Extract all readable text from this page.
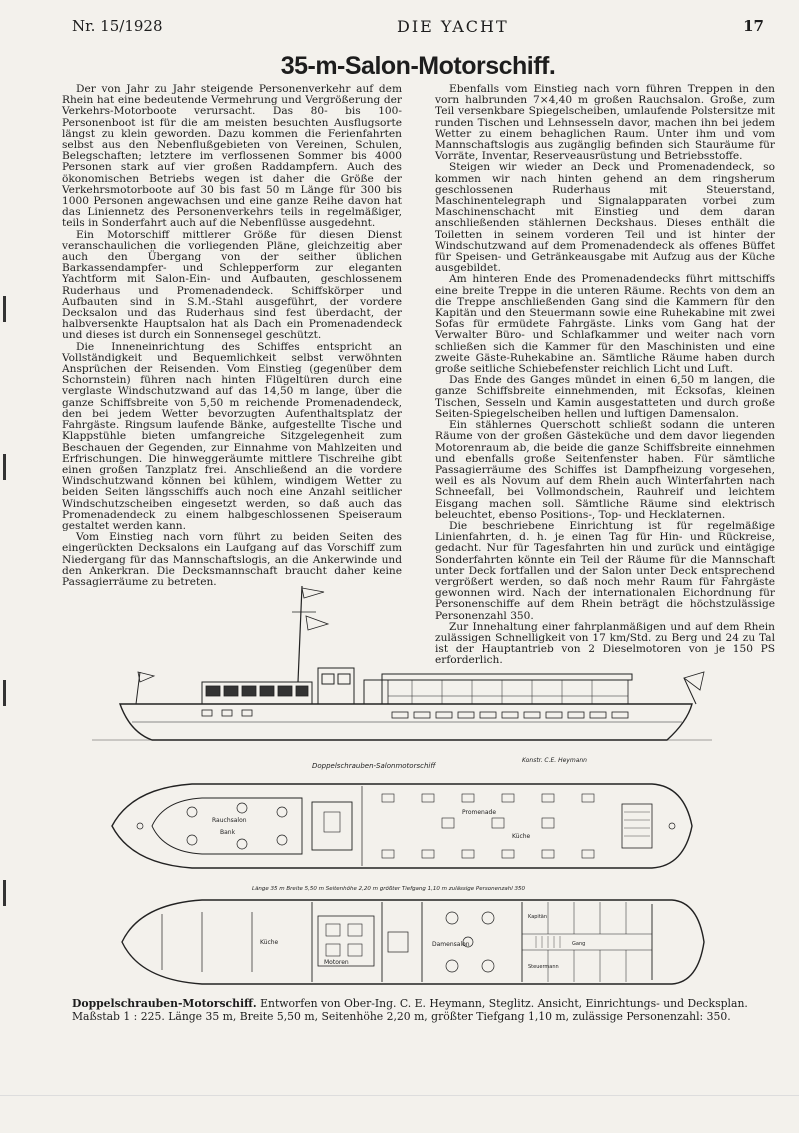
Nr. 15/1928	DIE YACHT	17
35-m-Salon-Motorschiff.

Der von Jahr zu Jahr steigende Personenverkehr auf dem Rhein hat eine bedeutende Vermehrung und Vergrößerung der Verkehrs-Motorboote verursacht. Das 80- bis 100-Personenboot ist für die am meisten besuchten Ausflugsorte längst zu klein geworden. Dazu kommen die Ferienfahrten selbst aus den Nebenflußgebieten von Vereinen, Schulen, Belegschaften; letztere im verflossenen Sommer bis 4000 Personen stark auf vier großen Raddampfern. Auch des ökonomischen Betriebs wegen ist daher die Größe der Verkehrsmotorboote auf 30 bis fast 50 m Länge für 300 bis 1000 Personen angewachsen und eine ganze Reihe davon hat das Liniennetz des Personenverkehrs teils in regelmäßiger, teils in Sonderfahrt auch auf die Nebenflüsse ausgedehnt.

Ein Motorschiff mittlerer Größe für diesen Dienst veranschaulichen die vorliegenden Pläne, gleichzeitig aber auch den Übergang von der seither üblichen Barkassendampfer- und Schlepperform zur eleganten Yachtform mit Salon-Ein- und Aufbauten, geschlossenem Ruderhaus und Promenadendeck. Schiffskörper und Aufbauten sind in S.M.-Stahl ausgeführt, der vordere Decksalon und das Ruderhaus sind fest überdacht, der halbversenkte Hauptsalon hat als Dach ein Promenadendeck und dieses ist durch ein Sonnensegel geschützt.

Die Inneneinrichtung des Schiffes entspricht an Vollständigkeit und Bequemlichkeit selbst verwöhnten Ansprüchen der Reisenden. Vom Einstieg (gegenüber dem Schornstein) führen nach hinten Flügeltüren durch eine verglaste Windschutzwand auf das 14,50 m lange, über die ganze Schiffsbreite von 5,50 m reichende Promenadendeck, den bei jedem Wetter bevorzugten Aufenthaltsplatz der Fahrgäste. Ringsum laufende Bänke, aufgestellte Tische und Klappstühle bieten umfangreiche Sitzgelegenheit zum Beschauen der Gegenden, zur Einnahme von Mahlzeiten und Erfrischungen. Die hinweggeräumte mittlere Tischreihe gibt einen großen Tanzplatz frei. Anschließend an die vordere Windschutzwand können bei kühlem, windigem Wetter zu beiden Seiten längsschiffs auch noch eine Anzahl seitlicher Windschutzscheiben eingesetzt werden, so daß auch das Promenadendeck zu einem halbgeschlossenen Speiseraum gestaltet werden kann.

Vom Einstieg nach vorn führt zu beiden Seiten des eingerückten Decksalons ein Laufgang auf das Vorschiff zum Niedergang für das Mannschaftslogis, an die Ankerwinde und den Ankerkran. Die Decksmannschaft braucht daher keine Passagierräume zu betreten.

Ebenfalls vom Einstieg nach vorn führen Treppen in den vorn halbrunden 7×4,40 m großen Rauchsalon. Große, zum Teil versenkbare Spiegelscheiben, umlaufende Polstersitze mit runden Tischen und Lehnsesseln davor, machen ihn bei jedem Wetter zu einem behaglichen Raum. Unter ihm und vom Mannschaftslogis aus zugänglig befinden sich Stauräume für Vorräte, Inventar, Reserveausrüstung und Betriebsstoffe.

Steigen wir wieder an Deck und Promenadendeck, so kommen wir nach hinten gehend an dem ringsherum geschlossenen Ruderhaus mit Steuerstand, Maschinentelegraph und Signalapparaten vorbei zum Maschinenschacht mit Einstieg und dem daran anschließenden stählernen Deckshaus. Dieses enthält die Toiletten in seinem vorderen Teil und ist hinter der Windschutzwand auf dem Promenadendeck als offenes Büffet für Speisen- und Getränkeausgabe mit Aufzug aus der Küche ausgebildet.

Am hinteren Ende des Promenadendecks führt mittschiffs eine breite Treppe in die unteren Räume. Rechts von dem an die Treppe anschließenden Gang sind die Kammern für den Kapitän und den Steuermann sowie eine Ruhekabine mit zwei Sofas für ermüdete Fahrgäste. Links vom Gang hat der Verwalter Büro- und Schlafkammer und weiter nach vorn schließen sich die Kammer für den Maschinisten und eine zweite Gäste-Ruhekabine an. Sämtliche Räume haben durch große seitliche Schiebefenster reichlich Licht und Luft.

Das Ende des Ganges mündet in einen 6,50 m langen, die ganze Schiffsbreite einnehmenden, mit Ecksofas, kleinen Tischen, Sesseln und Kamin ausgestatteten und durch große Seiten-Spiegelscheiben hellen und luftigen Damensalon.

Ein stählernes Querschott schließt sodann die unteren Räume von der großen Gästeküche und dem davor liegenden Motorenraum ab, die beide die ganze Schiffsbreite einnehmen und ebenfalls große Seitenfenster haben. Für sämtliche Passagierräume des Schiffes ist Dampfheizung vorgesehen, weil es als Novum auf dem Rhein auch Winterfahrten nach Schneefall, bei Vollmondschein, Rauhreif und leichtem Eisgang machen soll. Sämtliche Räume sind elektrisch beleuchtet, ebenso Positions-, Top- und Hecklaternen.

Die beschriebene Einrichtung ist für regelmäßige Linienfahrten, d. h. je einen Tag für Hin- und Rückreise, gedacht. Nur für Tagesfahrten hin und zurück und eintägige Sonderfahrten könnte ein Teil der Räume für die Mannschaft unter Deck fortfallen und der Salon unter Deck entsprechend vergrößert werden, so daß noch mehr Raum für Fahrgäste gewonnen wird. Nach der internationalen Eichordnung für Personenschiffe auf dem Rhein beträgt die höchstzulässige Personenzahl 350.

Zur Innehaltung einer fahrplanmäßigen und auf dem Rhein zulässigen Schnelligkeit von 17 km/Std. zu Berg und 24 zu Tal ist der Hauptantrieb von 2 Dieselmotoren von je 150 PS erforderlich.

Doppelschrauben-Salonmotorschiff
Konstr. C.E. Heymann
Rauchsalon
Promenade
Bank
Küche
Länge 35 m Breite 5,50 m Seitenhöhe 2,20 m größter Tiefgang 1,10 m zulässige Personenzahl 350
Damensalon
Motoren
Küche
Kapitän
Steuermann
Gang
Doppelschrauben-Motorschiff. Entworfen von Ober-Ing. C. E. Heymann, Steglitz. Ansicht, Einrichtungs- und Decksplan. Maßstab 1 : 225. Länge 35 m, Breite 5,50 m, Seitenhöhe 2,20 m, größter Tiefgang 1,10 m, zulässige Personenzahl: 350.
